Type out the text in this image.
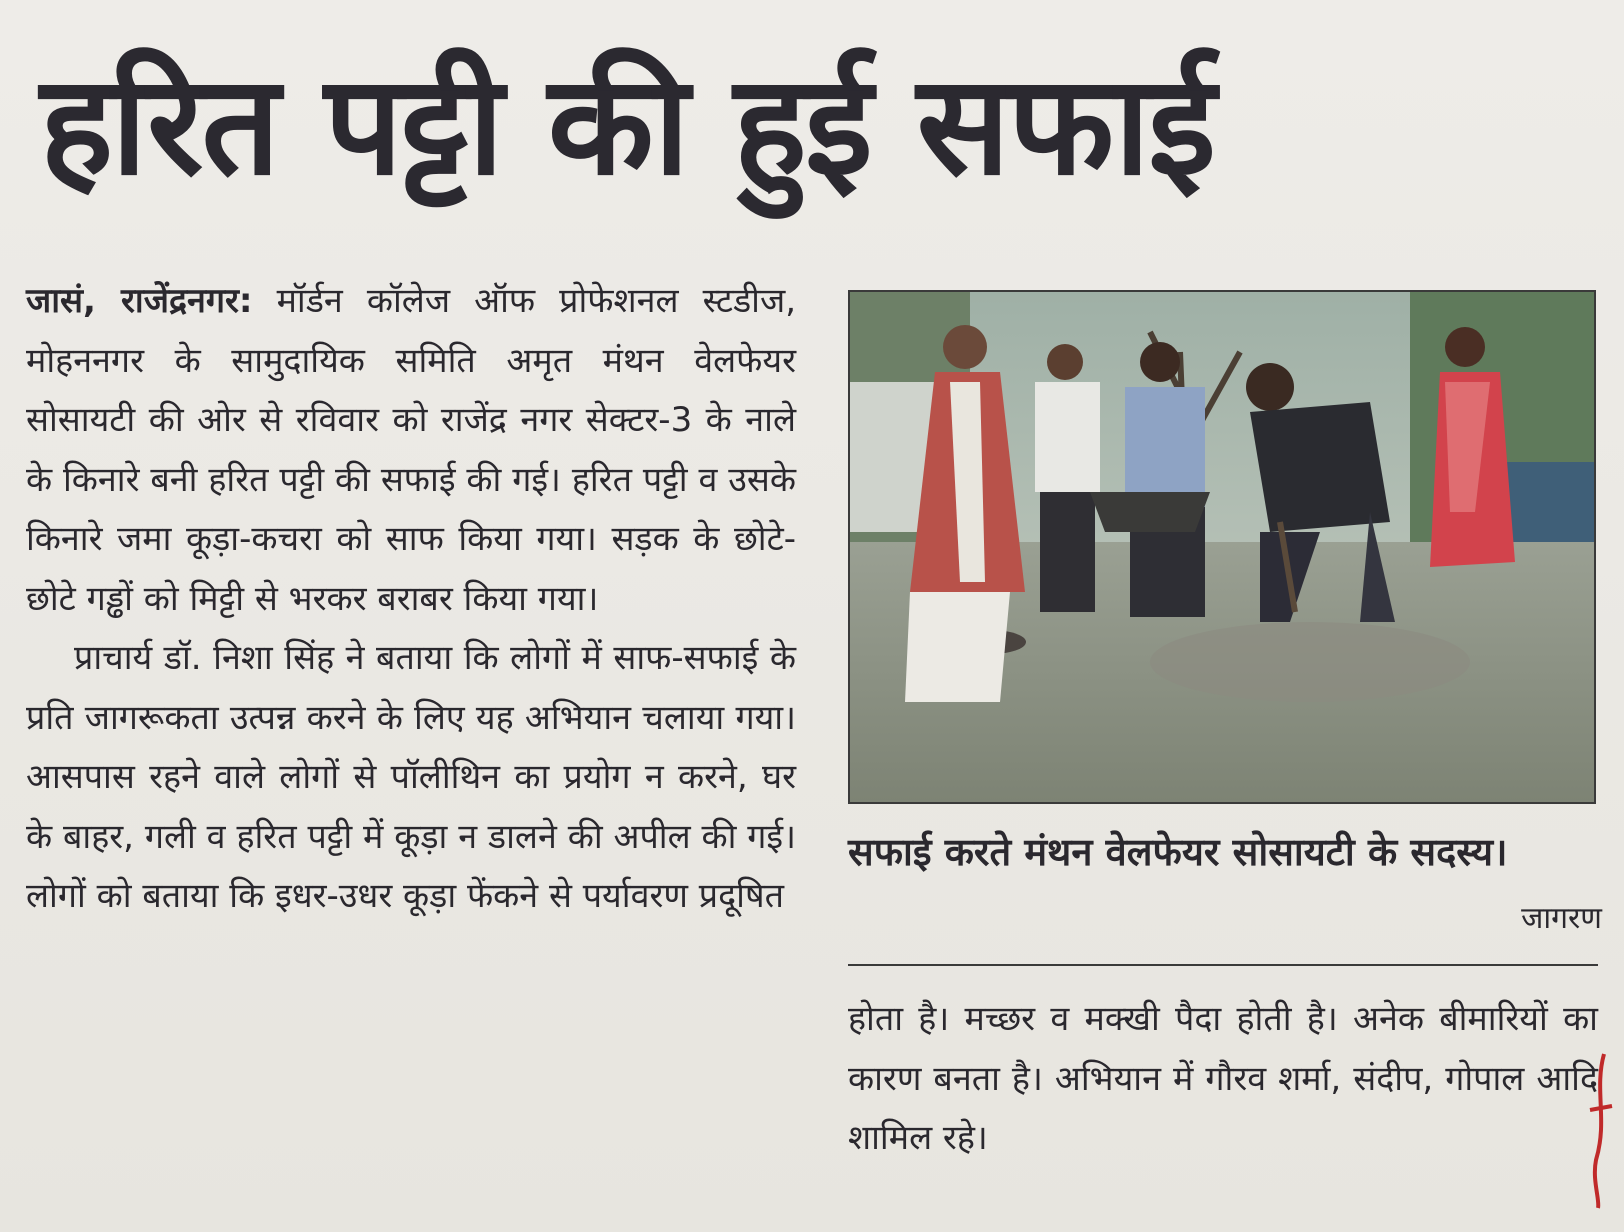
हरित पट्टी की हुई सफाई

जासं, राजेंद्रनगर: मॉर्डन कॉलेज ऑफ प्रोफेशनल स्टडीज, मोहननगर के सामुदायिक समिति अमृत मंथन वेलफेयर सोसायटी की ओर से रविवार को राजेंद्र नगर सेक्टर-3 के नाले के किनारे बनी हरित पट्टी की सफाई की गई। हरित पट्टी व उसके किनारे जमा कूड़ा-कचरा को साफ किया गया। सड़क के छोटे-छोटे गड्ढों को मिट्टी से भरकर बराबर किया गया।

प्राचार्य डॉ. निशा सिंह ने बताया कि लोगों में साफ-सफाई के प्रति जागरूकता उत्पन्न करने के लिए यह अभियान चलाया गया। आसपास रहने वाले लोगों से पॉलीथिन का प्रयोग न करने, घर के बाहर, गली व हरित पट्टी में कूड़ा न डालने की अपील की गई। लोगों को बताया कि इधर-उधर कूड़ा फेंकने से पर्यावरण प्रदूषित

सफाई करते मंथन वेलफेयर सोसायटी के सदस्य।
जागरण

होता है। मच्छर व मक्खी पैदा होती है। अनेक बीमारियों का कारण बनता है। अभियान में गौरव शर्मा, संदीप, गोपाल आदि शामिल रहे।
